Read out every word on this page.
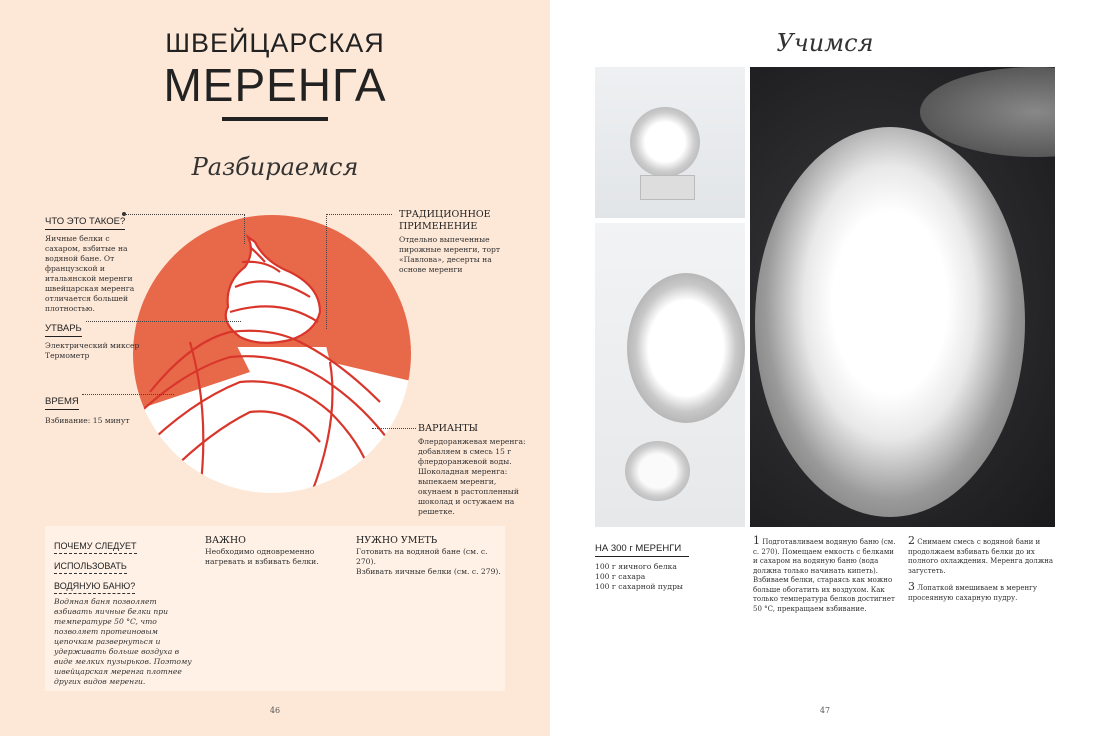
ШВЕЙЦАРСКАЯ
МЕРЕНГА
Разбираемся
ЧТО ЭТО ТАКОЕ?
Яичные белки с сахаром, взбитые на водяной бане. От французской и итальянской меренги швейцарская меренга отличается большей плотностью.
УТВАРЬ
Электрический миксер
Термометр
ВРЕМЯ
Взбивание: 15 минут
ТРАДИЦИОННОЕ
ПРИМЕНЕНИЕ
Отдельно выпеченные пирожные меренги, торт «Павлова», десерты на основе меренги
ВАРИАНТЫ
Флердоранжевая меренга: добавляем в смесь 15 г флердоранжевой воды. Шоколадная меренга: выпекаем меренги, окунаем в растопленный шоколад и остужаем на решетке.
ПОЧЕМУ СЛЕДУЕТ
ИСПОЛЬЗОВАТЬ
ВОДЯНУЮ БАНЮ?
Водяная баня позволяет взбивать яичные белки при температуре 50 °C, что позволяет протеиновым цепочкам развернуться и удерживать больше воздуха в виде мелких пузырьков. Поэтому швейцарская меренга плотнее других видов меренги.
ВАЖНО
Необходимо одновременно нагревать и взбивать белки.
НУЖНО УМЕТЬ
Готовить на водяной бане (см. с. 270).
Взбивать яичные белки (см. с. 279).
46
Учимся
НА 300 г МЕРЕНГИ
100 г яичного белка
100 г сахара
100 г сахарной пудры
1 Подготавливаем водяную баню (см. с. 270). Помещаем емкость с белками и сахаром на водяную баню (вода должна только начинать кипеть). Взбиваем белки, стараясь как можно больше обогатить их воздухом. Как только температура белков достигнет 50 °C, прекращаем взбивание.
2 Снимаем смесь с водяной бани и продолжаем взбивать белки до их полного охлаждения. Меренга должна загустеть.
3 Лопаткой вмешиваем в меренгу просеянную сахарную пудру.
47
